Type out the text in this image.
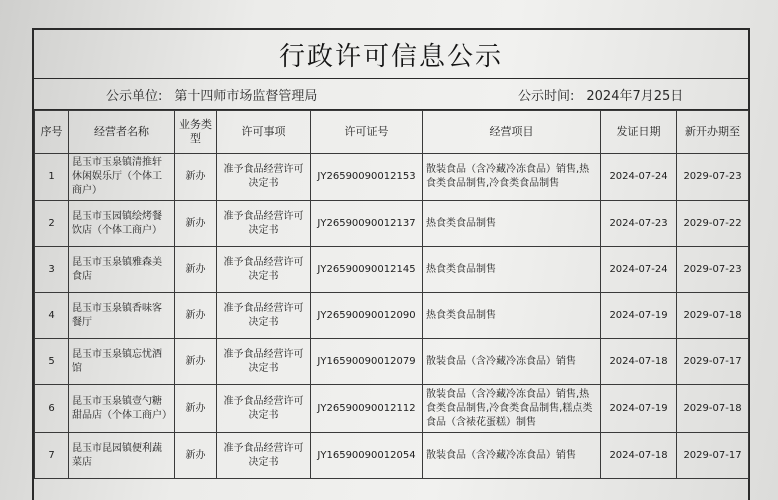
行政许可信息公示
公示单位: 第十四师市场监督管理局	公示时间: 2024年7月25日
序号	经营者名称	业务类型	许可事项	许可证号	经营项目	发证日期	新开办期至
1	昆玉市玉泉镇清推轩休闲娱乐厅（个体工商户）	新办	准予食品经营许可决定书	JY26590090012153	散装食品（含冷藏冷冻食品）销售,热食类食品制售,冷食类食品制售	2024-07-24	2029-07-23
2	昆玉市玉园镇绘烤餐饮店（个体工商户）	新办	准予食品经营许可决定书	JY26590090012137	热食类食品制售	2024-07-23	2029-07-22
3	昆玉市玉泉镇雅森美食店	新办	准予食品经营许可决定书	JY26590090012145	热食类食品制售	2024-07-24	2029-07-23
4	昆玉市玉泉镇香味客餐厅	新办	准予食品经营许可决定书	JY26590090012090	热食类食品制售	2024-07-19	2029-07-18
5	昆玉市玉泉镇忘忧酒馆	新办	准予食品经营许可决定书	JY16590090012079	散装食品（含冷藏冷冻食品）销售	2024-07-18	2029-07-17
6	昆玉市玉泉镇壹勺糖甜品店（个体工商户）	新办	准予食品经营许可决定书	JY26590090012112	散装食品（含冷藏冷冻食品）销售,热食类食品制售,冷食类食品制售,糕点类食品（含裱花蛋糕）制售	2024-07-19	2029-07-18
7	昆玉市昆园镇便利蔬菜店	新办	准予食品经营许可决定书	JY16590090012054	散装食品（含冷藏冷冻食品）销售	2024-07-18	2029-07-17
